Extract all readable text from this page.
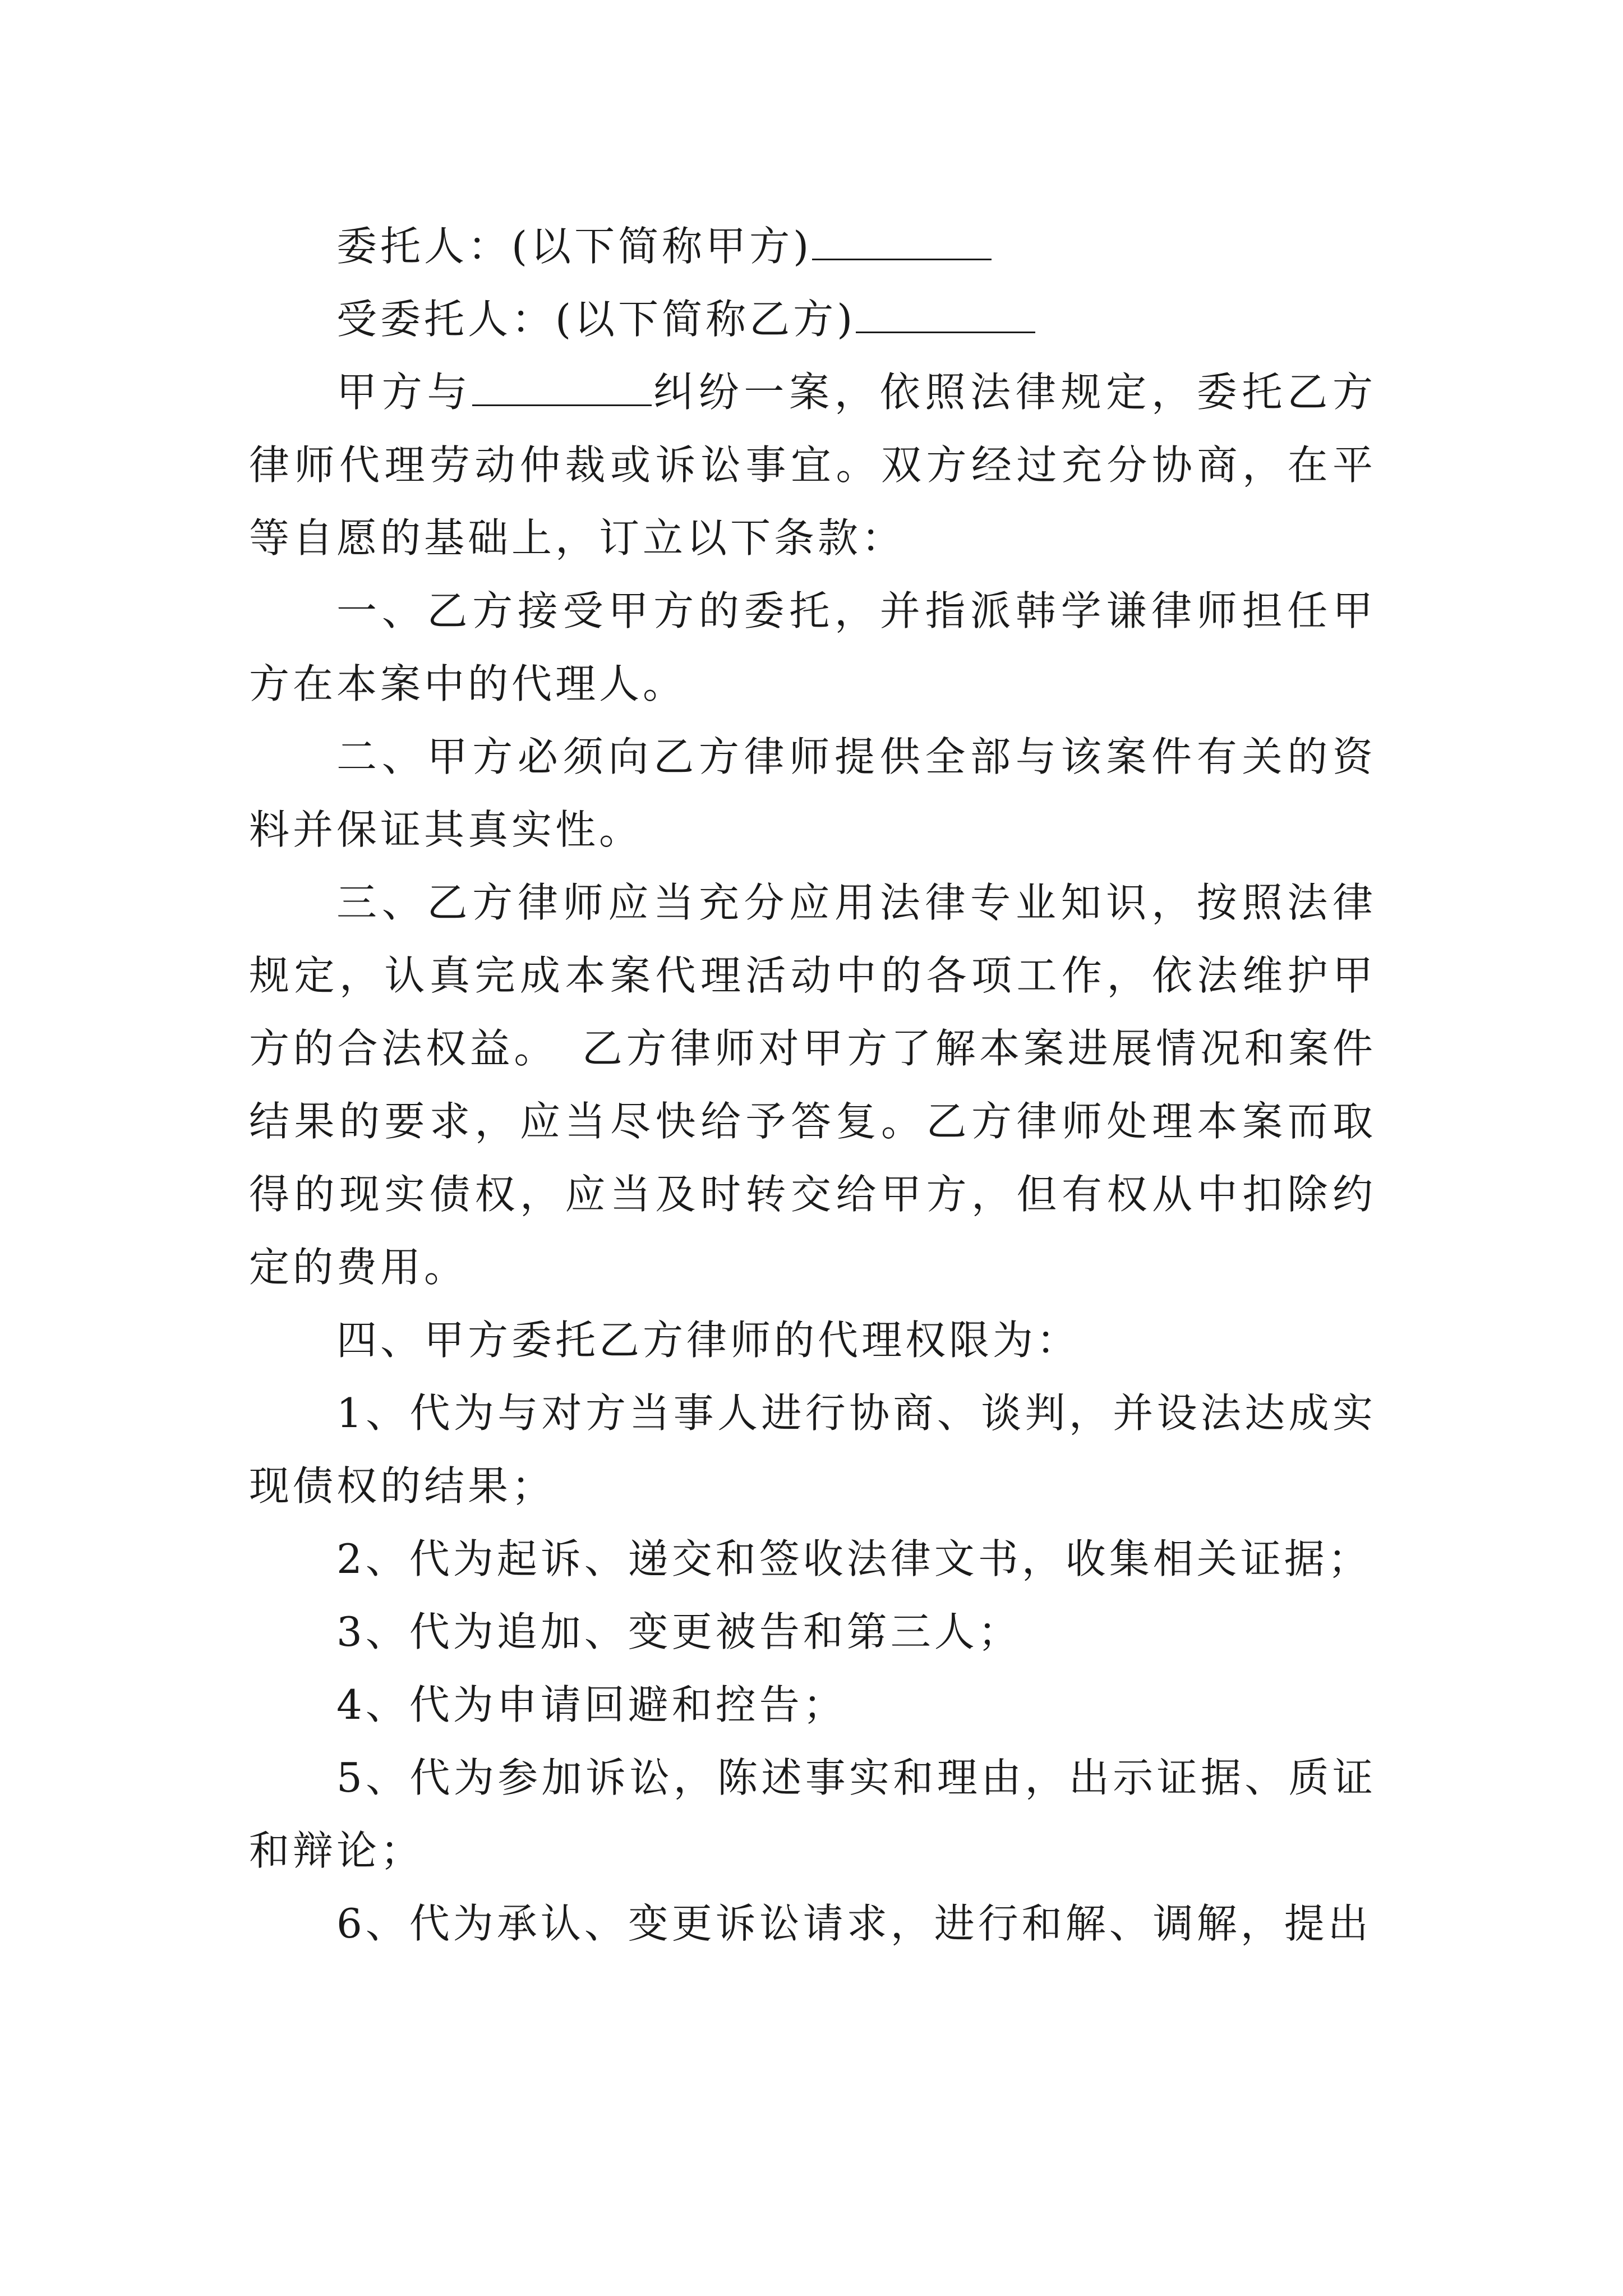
委托人：(以下简称甲方)

受委托人：(以下简称乙方)

甲方与	纠纷一案，依照法律规定，委托乙方律师代理劳动仲裁或诉讼事宜。双方经过充分协商，在平等自愿的基础上，订立以下条款：

一、乙方接受甲方的委托，并指派韩学谦律师担任甲方在本案中的代理人。

二、甲方必须向乙方律师提供全部与该案件有关的资料并保证其真实性。

三、乙方律师应当充分应用法律专业知识，按照法律规定，认真完成本案代理活动中的各项工作，依法维护甲方的合法权益。　乙方律师对甲方了解本案进展情况和案件结果的要求，应当尽快给予答复。乙方律师处理本案而取得的现实债权，应当及时转交给甲方，但有权从中扣除约定的费用。

四、甲方委托乙方律师的代理权限为：

1、代为与对方当事人进行协商、谈判，并设法达成实现债权的结果；

2、代为起诉、递交和签收法律文书，收集相关证据；

3、代为追加、变更被告和第三人；

4、代为申请回避和控告；

5、代为参加诉讼，陈述事实和理由，出示证据、质证和辩论；

6、代为承认、变更诉讼请求，进行和解、调解，提出
